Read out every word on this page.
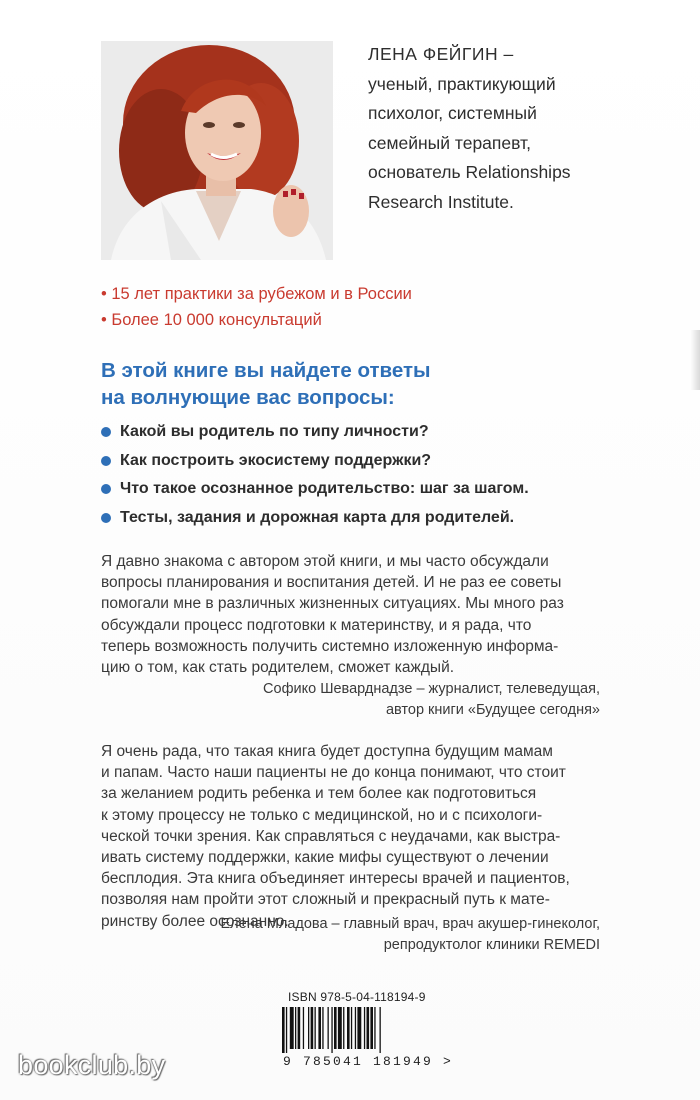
ЛЕНА ФЕЙГИН –
ученый, практикующий
психолог, системный
семейный терапевт,
основатель Relationships
Research Institute.
• 15 лет практики за рубежом и в России
• Более 10 000 консультаций
В этой книге вы найдете ответы
на волнующие вас вопросы:
Какой вы родитель по типу личности?
Как построить экосистему поддержки?
Что такое осознанное родительство: шаг за шагом.
Тесты, задания и дорожная карта для родителей.
Я давно знакома с автором этой книги, и мы часто обсуждали
вопросы планирования и воспитания детей. И не раз ее советы
помогали мне в различных жизненных ситуациях. Мы много раз
обсуждали процесс подготовки к материнству, и я рада, что
теперь возможность получить системно изложенную информа-
цию о том, как стать родителем, сможет каждый.
Софико Шеварднадзе – журналист, телеведущая,
автор книги «Будущее сегодня»
Я очень рада, что такая книга будет доступна будущим мамам
и папам. Часто наши пациенты не до конца понимают, что стоит
за желанием родить ребенка и тем более как подготовиться
к этому процессу не только с медицинской, но и с психологи-
ческой точки зрения. Как справляться с неудачами, как выстра-
ивать систему поддержки, какие мифы существуют о лечении
бесплодия. Эта книга объединяет интересы врачей и пациентов,
позволяя нам пройти этот сложный и прекрасный путь к мате-
ринству более осознанно.
Елена Младова – главный врач, врач акушер-гинеколог,
репродуктолог клиники REMEDI
ISBN 978-5-04-118194-9
9 785041 181949 >
bookclub.by
